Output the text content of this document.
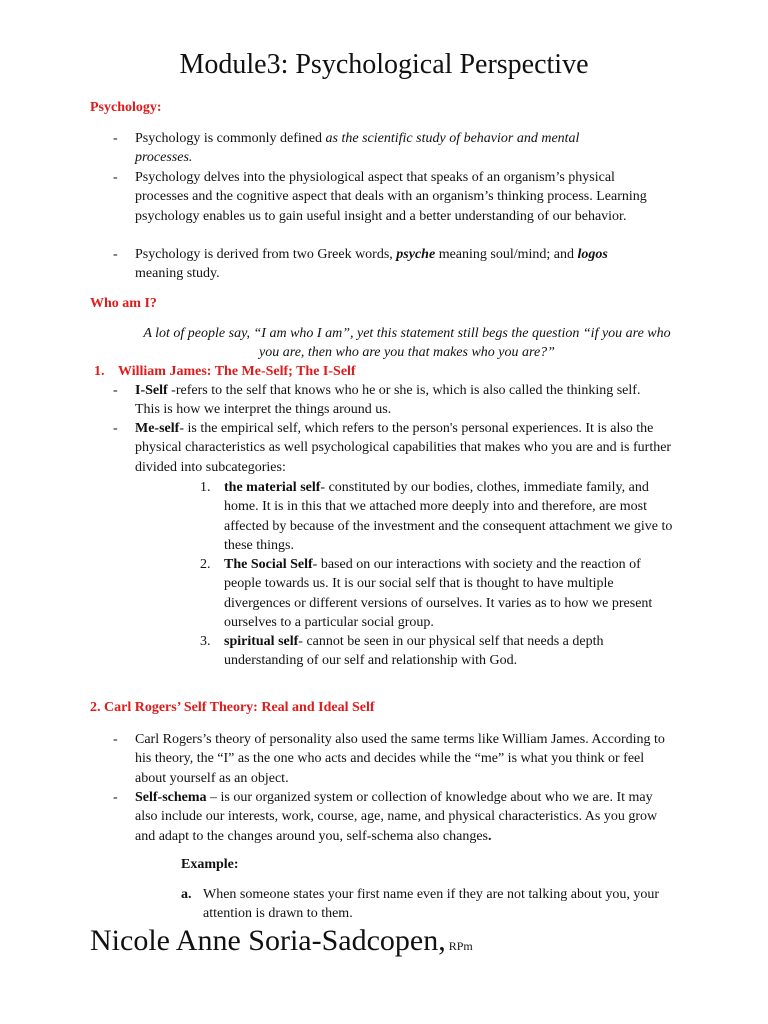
Module3: Psychological Perspective
Psychology:
-	Psychology is commonly defined as the scientific study of behavior and mental processes.
-	Psychology delves into the physiological aspect that speaks of an organism’s physical processes and the cognitive aspect that deals with an organism’s thinking process. Learning psychology enables us to gain useful insight and a better understanding of our behavior.
-	Psychology is derived from two Greek words, psyche meaning soul/mind; and logos meaning study.
Who am I?
A lot of people say, “I am who I am”, yet this statement still begs the question “if you are who you are, then who are you that makes who you are?”
1. William James: The Me-Self; The I-Self
-	I-Self -refers to the self that knows who he or she is, which is also called the thinking self. This is how we interpret the things around us.
-	Me-self- is the empirical self, which refers to the person's personal experiences. It is also the physical characteristics as well psychological capabilities that makes who you are and is further divided into subcategories:
1. the material self- constituted by our bodies, clothes, immediate family, and home. It is in this that we attached more deeply into and therefore, are most affected by because of the investment and the consequent attachment we give to these things.
2. The Social Self- based on our interactions with society and the reaction of people towards us. It is our social self that is thought to have multiple divergences or different versions of ourselves. It varies as to how we present ourselves to a particular social group.
3. spiritual self- cannot be seen in our physical self that needs a depth understanding of our self and relationship with God.
2. Carl Rogers’ Self Theory: Real and Ideal Self
-	Carl Rogers’s theory of personality also used the same terms like William James. According to his theory, the “I” as the one who acts and decides while the “me” is what you think or feel about yourself as an object.
-	Self-schema – is our organized system or collection of knowledge about who we are. It may also include our interests, work, course, age, name, and physical characteristics. As you grow and adapt to the changes around you, self-schema also changes.
Example:
a. When someone states your first name even if they are not talking about you, your attention is drawn to them.
Nicole Anne Soria-Sadcopen, RPm
